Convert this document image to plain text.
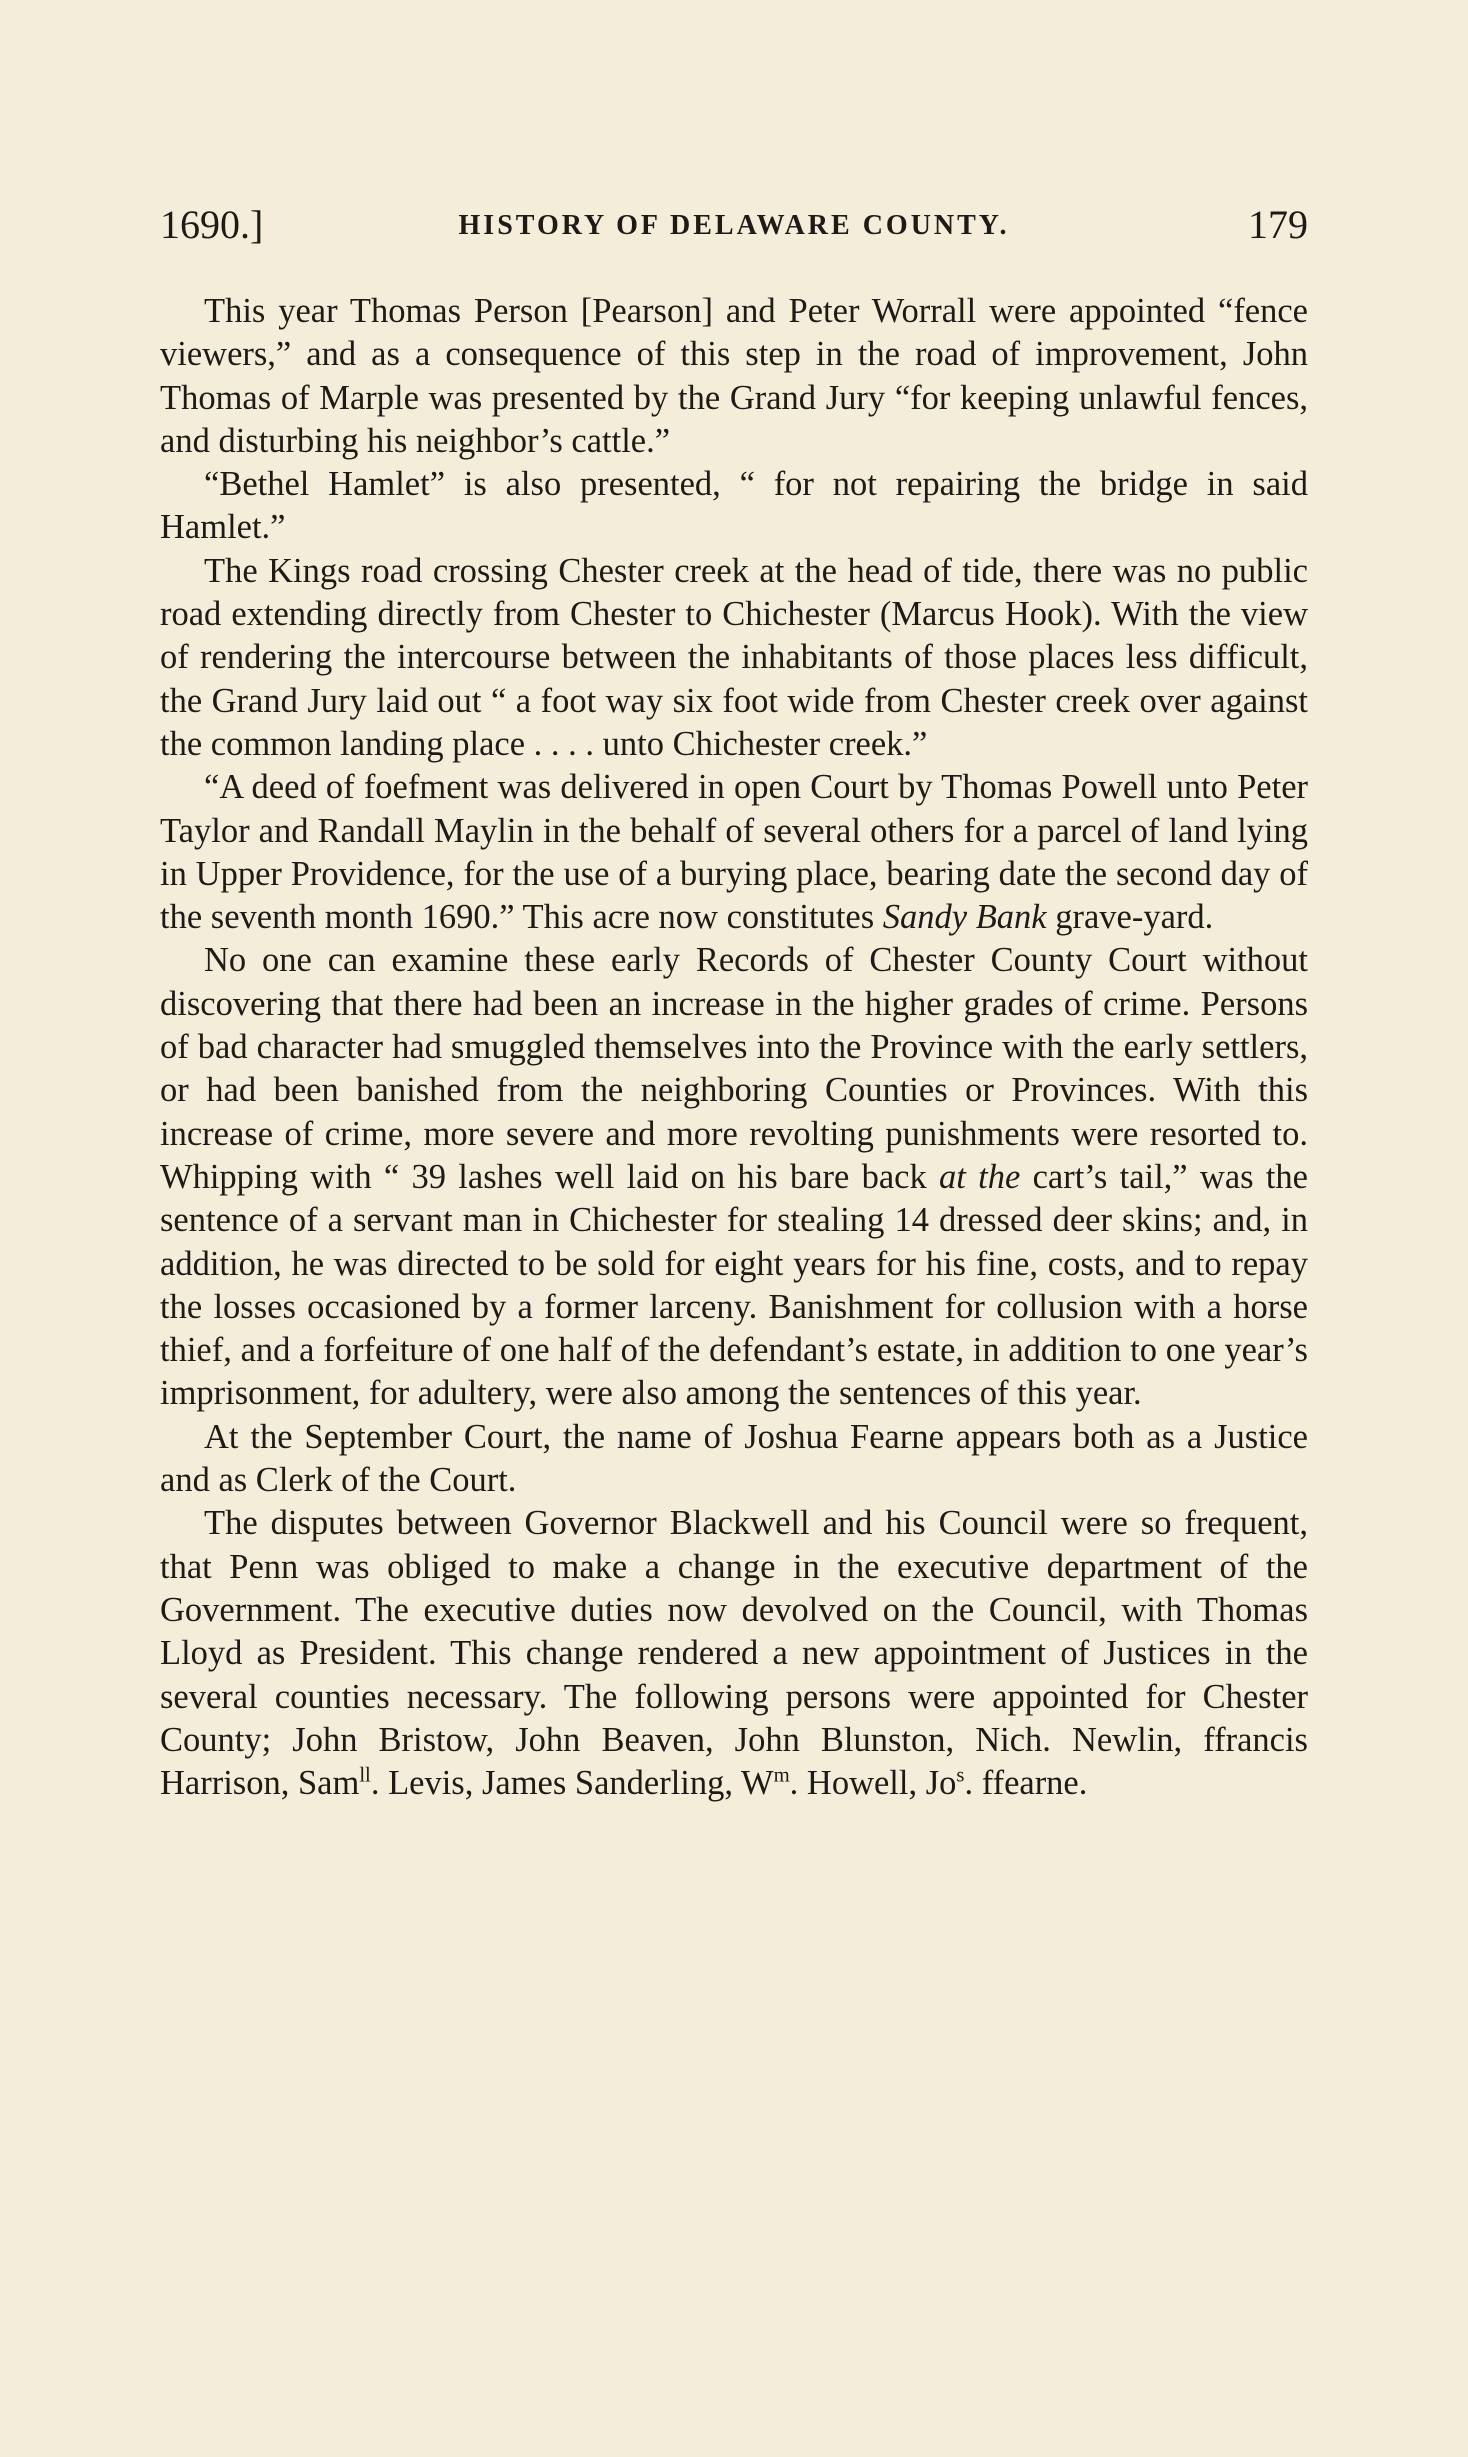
1690.]	HISTORY OF DELAWARE COUNTY.	179

This year Thomas Person [Pearson] and Peter Worrall were appointed “fence viewers,” and as a consequence of this step in the road of improvement, John Thomas of Marple was presented by the Grand Jury “for keeping unlawful fences, and disturbing his neighbor’s cattle.”

“Bethel Hamlet” is also presented, “ for not repairing the bridge in said Hamlet.”

The Kings road crossing Chester creek at the head of tide, there was no public road extending directly from Chester to Chichester (Marcus Hook). With the view of rendering the intercourse between the inhabitants of those places less difficult, the Grand Jury laid out “ a foot way six foot wide from Chester creek over against the common landing place . . . . unto Chichester creek.”

“A deed of foefment was delivered in open Court by Thomas Powell unto Peter Taylor and Randall Maylin in the behalf of several others for a parcel of land lying in Upper Providence, for the use of a burying place, bearing date the second day of the seventh month 1690.” This acre now constitutes Sandy Bank grave-yard.

No one can examine these early Records of Chester County Court without discovering that there had been an increase in the higher grades of crime. Persons of bad character had smuggled themselves into the Province with the early settlers, or had been banished from the neighboring Counties or Provinces. With this increase of crime, more severe and more revolting punishments were resorted to. Whipping with “ 39 lashes well laid on his bare back at the cart’s tail,” was the sentence of a servant man in Chichester for stealing 14 dressed deer skins; and, in addition, he was directed to be sold for eight years for his fine, costs, and to repay the losses occasioned by a former larceny. Banishment for collusion with a horse thief, and a forfeiture of one half of the defendant’s estate, in addition to one year’s imprisonment, for adultery, were also among the sentences of this year.

At the September Court, the name of Joshua Fearne appears both as a Justice and as Clerk of the Court.

The disputes between Governor Blackwell and his Council were so frequent, that Penn was obliged to make a change in the executive department of the Government. The executive duties now devolved on the Council, with Thomas Lloyd as President. This change rendered a new appointment of Justices in the several counties necessary. The following persons were appointed for Chester County; John Bristow, John Beaven, John Blunston, Nich. Newlin, ffrancis Harrison, Sam$^{ll}$. Levis, James Sanderling, $W^m$. Howell, Jo$^s$. ffearne.
